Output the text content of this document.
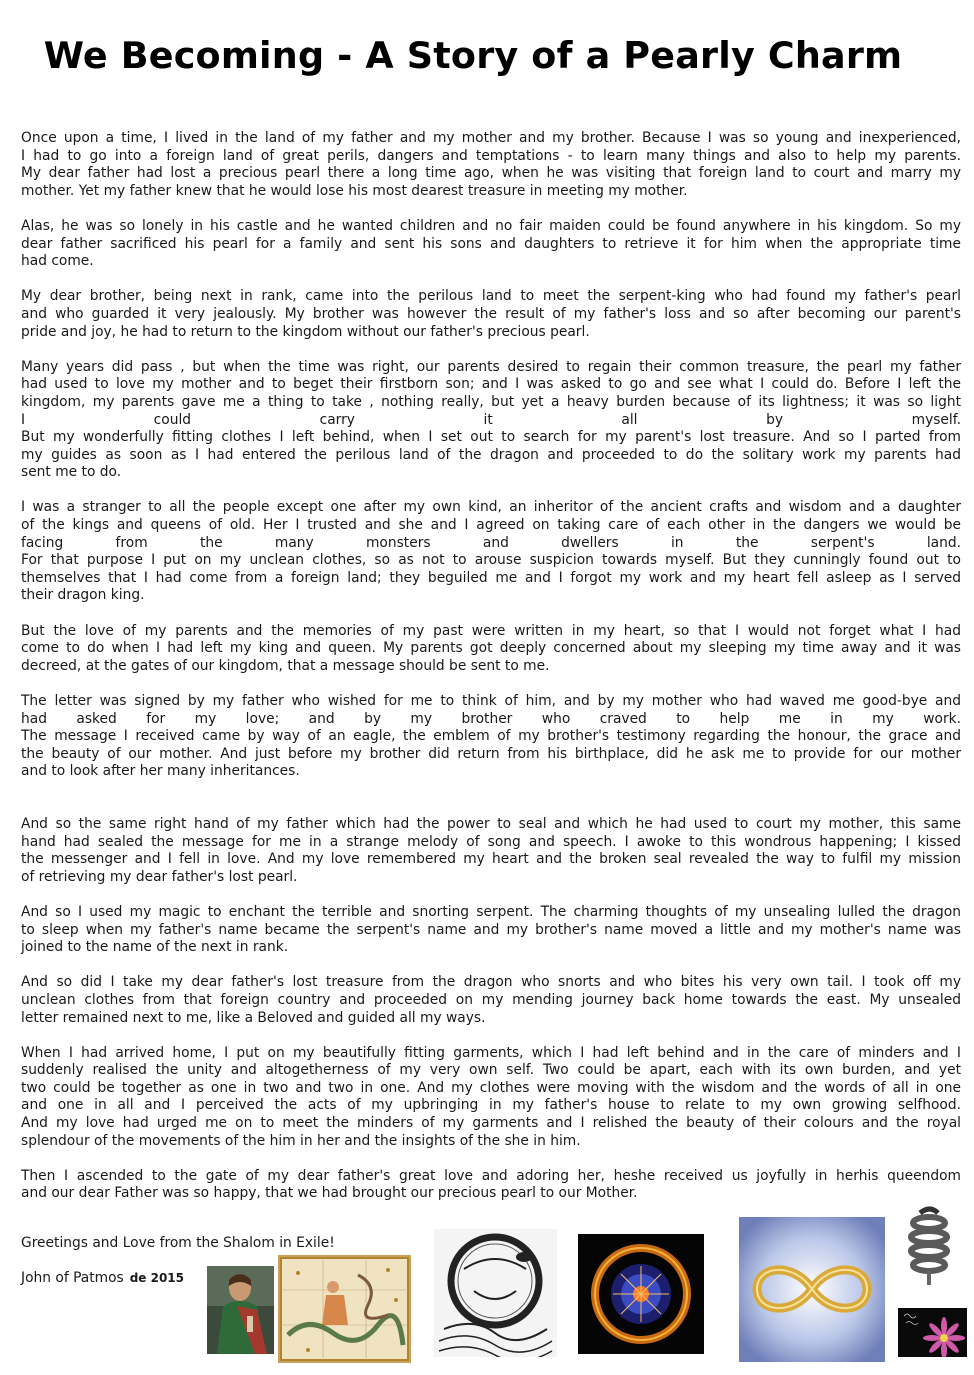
We Becoming - A Story of a Pearly Charm

Once upon a time, I lived in the land of my father and my mother and my brother. Because I was so young and inexperienced,
I had to go into a foreign land of great perils, dangers and temptations - to learn many things and also to help my parents.
My dear father had lost a precious pearl there a long time ago, when he was visiting that foreign land to court and marry my
mother. Yet my father knew that he would lose his most dearest treasure in meeting my mother.

Alas, he was so lonely in his castle and he wanted children and no fair maiden could be found anywhere in his kingdom. So my
dear father sacrificed his pearl for a family and sent his sons and daughters to retrieve it for him when the appropriate time
had come.

My dear brother, being next in rank, came into the perilous land to meet the serpent-king who had found my father's pearl
and who guarded it very jealously. My brother was however the result of my father's loss and so after becoming our parent's
pride and joy, he had to return to the kingdom without our father's precious pearl.

Many years did pass , but when the time was right, our parents desired to regain their common treasure, the pearl my father
had used to love my mother and to beget their firstborn son; and I was asked to go and see what I could do. Before I left the
kingdom, my parents gave me a thing to take , nothing really, but yet a heavy burden because of its lightness; it was so light
I could carry it all by myself.
But my wonderfully fitting clothes I left behind, when I set out to search for my parent's lost treasure. And so I parted from
my guides as soon as I had entered the perilous land of the dragon and proceeded to do the solitary work my parents had
sent me to do.

I was a stranger to all the people except one after my own kind, an inheritor of the ancient crafts and wisdom and a daughter
of the kings and queens of old. Her I trusted and she and I agreed on taking care of each other in the dangers we would be
facing from the many monsters and dwellers in the serpent's land.
For that purpose I put on my unclean clothes, so as not to arouse suspicion towards myself. But they cunningly found out to
themselves that I had come from a foreign land; they beguiled me and I forgot my work and my heart fell asleep as I served
their dragon king.

But the love of my parents and the memories of my past were written in my heart, so that I would not forget what I had
come to do when I had left my king and queen. My parents got deeply concerned about my sleeping my time away and it was
decreed, at the gates of our kingdom, that a message should be sent to me.

The letter was signed by my father who wished for me to think of him, and by my mother who had waved me good-bye and
had asked for my love; and by my brother who craved to help me in my work.
The message I received came by way of an eagle, the emblem of my brother's testimony regarding the honour, the grace and
the beauty of our mother. And just before my brother did return from his birthplace, did he ask me to provide for our mother
and to look after her many inheritances.

And so the same right hand of my father which had the power to seal and which he had used to court my mother, this same
hand had sealed the message for me in a strange melody of song and speech. I awoke to this wondrous happening; I kissed
the messenger and I fell in love. And my love remembered my heart and the broken seal revealed the way to fulfil my mission
of retrieving my dear father's lost pearl.

And so I used my magic to enchant the terrible and snorting serpent. The charming thoughts of my unsealing lulled the dragon
to sleep when my father's name became the serpent's name and my brother's name moved a little and my mother's name was
joined to the name of the next in rank.

And so did I take my dear father's lost treasure from the dragon who snorts and who bites his very own tail. I took off my
unclean clothes from that foreign country and proceeded on my mending journey back home towards the east. My unsealed
letter remained next to me, like a Beloved and guided all my ways.

When I had arrived home, I put on my beautifully fitting garments, which I had left behind and in the care of minders and I
suddenly realised the unity and altogetherness of my very own self. Two could be apart, each with its own burden, and yet
two could be together as one in two and two in one. And my clothes were moving with the wisdom and the words of all in one
and one in all and I perceived the acts of my upbringing in my father's house to relate to my own growing selfhood.
And my love had urged me on to meet the minders of my garments and I relished the beauty of their colours and the royal
splendour of the movements of the him in her and the insights of the she in him.

Then I ascended to the gate of my dear father's great love and adoring her, heshe received us joyfully in herhis queendom
and our dear Father was so happy, that we had brought our precious pearl to our Mother.

Greetings and Love from the Shalom in Exile!
John of Patmos de 2015
